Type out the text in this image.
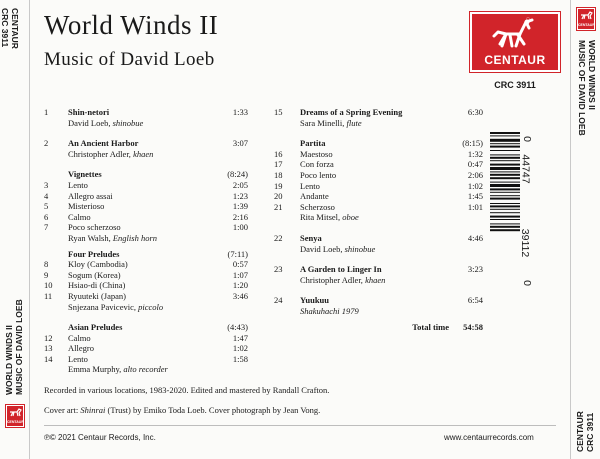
CENTAUR
CRC 3911
WORLD WINDS II
MUSIC OF DAVID LOEB
CENTAUR
CENTAUR
WORLD WINDS II
MUSIC OF DAVID LOEB
CENTAUR
CRC 3911
World Winds II
Music of David Loeb	CENTAUR
CRC 3911
1 Shin-netori	1:33
David Loeb, shinobue
2 An Ancient Harbor	3:07
Christopher Adler, khaen
Vignettes	(8:24)
3 Lento	2:05
4 Allegro assai	1:23
5 Misterioso	1:39
6 Calmo	2:16
7 Poco scherzoso	1:00
Ryan Walsh, English horn
Four Preludes	(7:11)
8 Kloy (Cambodia)	0:57
9 Sogum (Korea)	1:07
10 Hsiao-di (China)	1:20
11 Ryuuteki (Japan)	3:46
Snjezana Pavicevic, piccolo
Asian Preludes	(4:43)
12 Calmo	1:47
13 Allegro	1:02
14 Lento	1:58
Emma Murphy, alto recorder
15 Dreams of a Spring Evening	6:30
Sara Minelli, flute
Partita	(8:15)
16 Maestoso	1:32
17 Con forza	0:47
18 Poco lento	2:06
19 Lento	1:02
20 Andante	1:45
21 Scherzoso	1:01
Rita Mitsel, oboe
22 Senya	4:46
David Loeb, shinobue
23 A Garden to Linger In	3:23
Christopher Adler, khaen
24 Yuukuu	6:54
Shakuhachi 1979
Total time 54:58
0
44747
39112
0
Recorded in various locations, 1983-2020. Edited and mastered by Randall Crafton.
Cover art: Shinrai (Trust) by Emiko Toda Loeb. Cover photograph by Jean Vong.
℗© 2021 Centaur Records, Inc.	www.centaurrecords.com
